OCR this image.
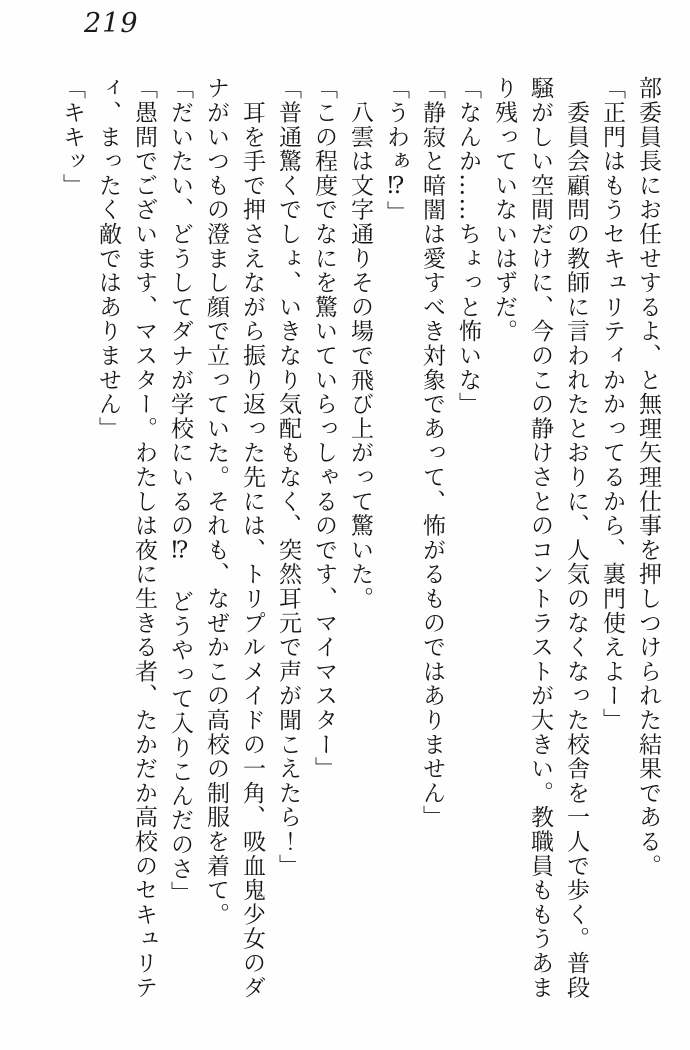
219

部委員長にお任せするよ、と無理矢理仕事を押しつけられた結果である。

「正門はもうセキュリティかかってるから、裏門使えよー」

　委員会顧問の教師に言われたとおりに、人気のなくなった校舎を一人で歩く。普段

騒がしい空間だけに、今のこの静けさとのコントラストが大きい。教職員ももうあま

り残っていないはずだ。

「なんか……ちょっと怖いな」

「静寂と暗闇は愛すべき対象であって、怖がるものではありません」

「うわぁ⁉」

　八雲は文字通りその場で飛び上がって驚いた。

「この程度でなにを驚いていらっしゃるのです、マイマスター」

「普通驚くでしょ、いきなり気配もなく、突然耳元で声が聞こえたら！」

　耳を手で押さえながら振り返った先には、トリプルメイドの一角、吸血鬼少女のダ

ナがいつもの澄まし顔で立っていた。それも、なぜかこの高校の制服を着て。

「だいたい、どうしてダナが学校にいるの⁉　どうやって入りこんだのさ」

「愚問でございます、マスター。わたしは夜に生きる者、たかだか高校のセキュリテ

ィ、まったく敵ではありません」

「キキッ」
